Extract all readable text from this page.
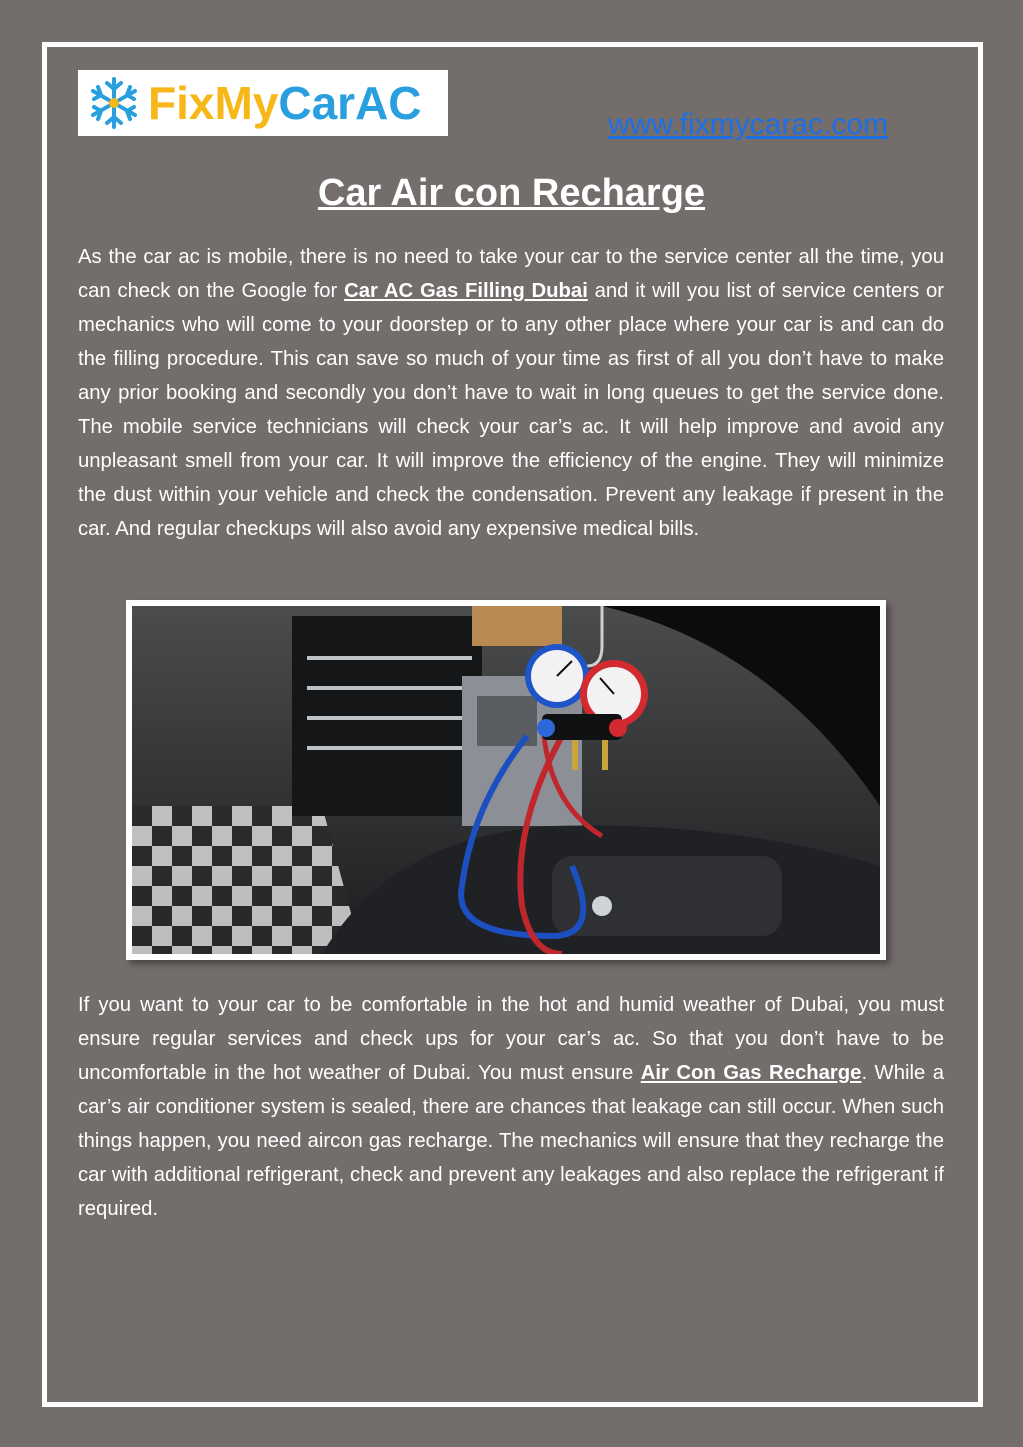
FixMyCarAC	www.fixmycarac.com
Car Air con Recharge

As the car ac is mobile, there is no need to take your car to the service center all the time, you can check on the Google for Car AC Gas Filling Dubai and it will you list of service centers or mechanics who will come to your doorstep or to any other place where your car is and can do the filling procedure. This can save so much of your time as first of all you don’t have to make any prior booking and secondly you don’t have to wait in long queues to get the service done. The mobile service technicians will check your car’s ac. It will help improve and avoid any unpleasant smell from your car. It will improve the efficiency of the engine. They will minimize the dust within your vehicle and check the condensation. Prevent any leakage if present in the car. And regular checkups will also avoid any expensive medical bills.

If you want to your car to be comfortable in the hot and humid weather of Dubai, you must ensure regular services and check ups for your car’s ac. So that you don’t have to be uncomfortable in the hot weather of Dubai. You must ensure Air Con Gas Recharge. While a car’s air conditioner system is sealed, there are chances that leakage can still occur. When such things happen, you need aircon gas recharge. The mechanics will ensure that they recharge the car with additional refrigerant, check and prevent any leakages and also replace the refrigerant if required.
